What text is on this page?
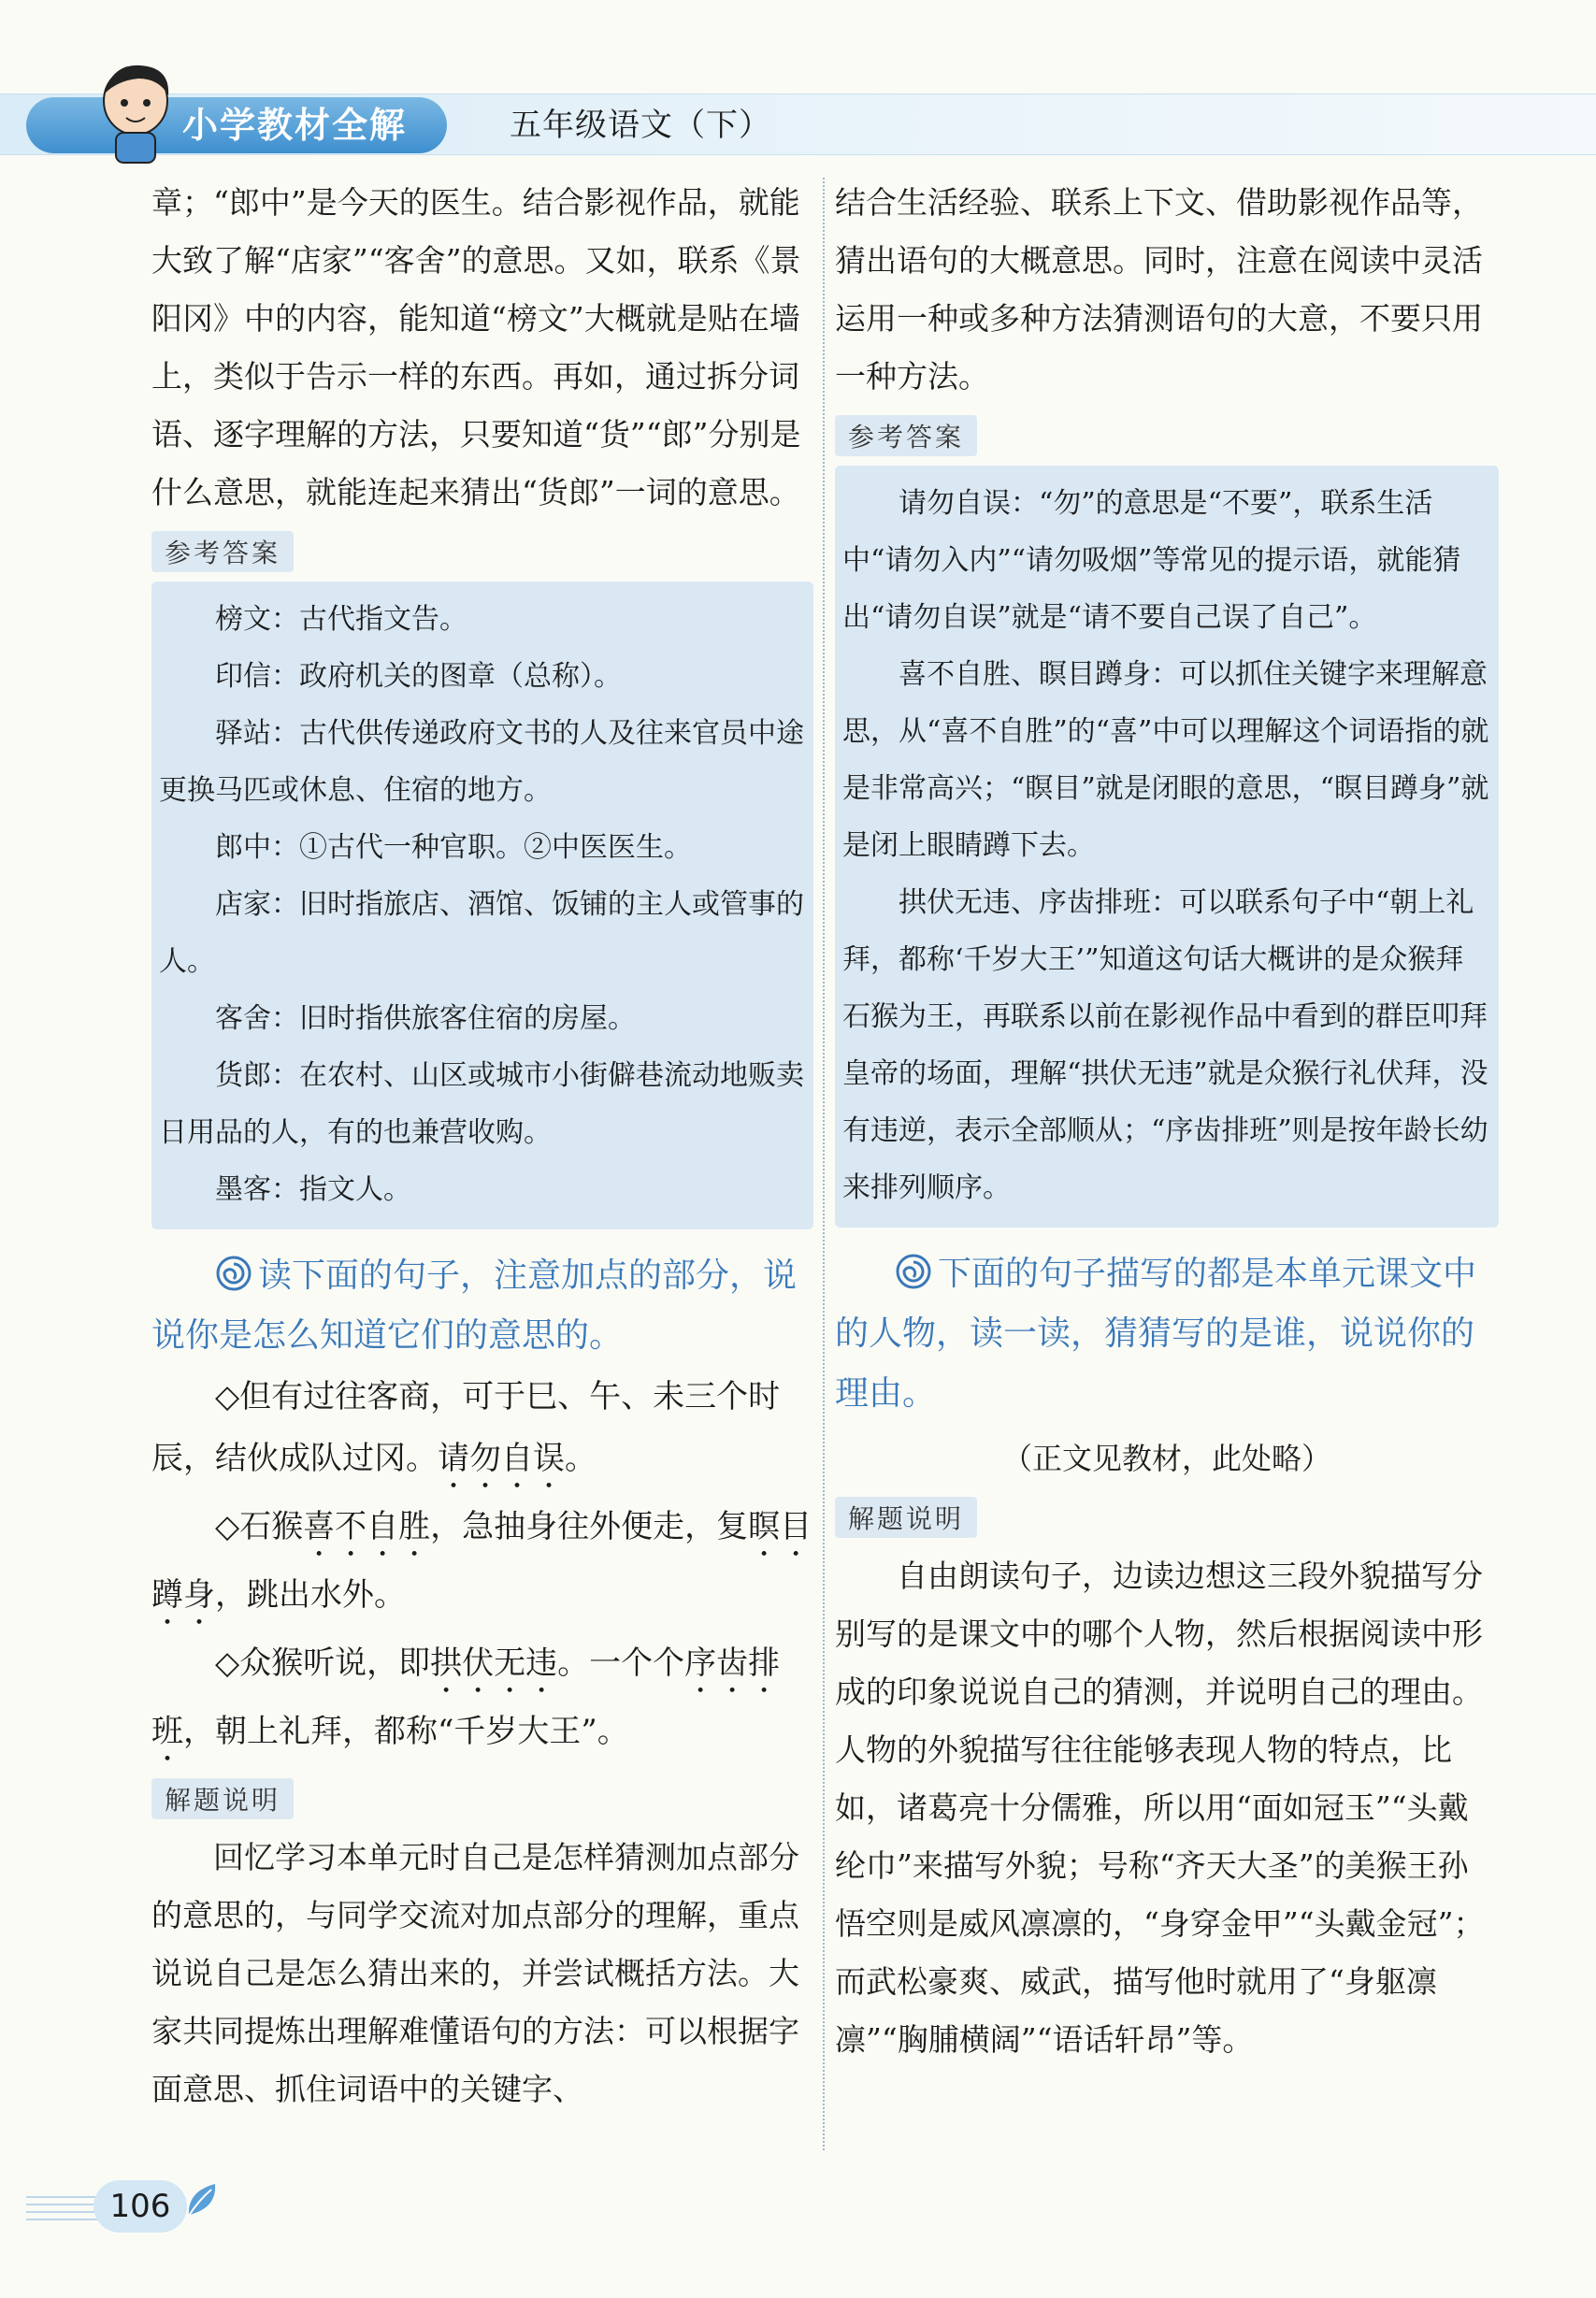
小学教材全解	五年级语文（下）

章；“郎中”是今天的医生。结合影视作品，就能大致了解“店家”“客舍”的意思。又如，联系《景阳冈》中的内容，能知道“榜文”大概就是贴在墙上，类似于告示一样的东西。再如，通过拆分词语、逐字理解的方法，只要知道“货”“郎”分别是什么意思，就能连起来猜出“货郎”一词的意思。

参考答案

榜文：古代指文告。

印信：政府机关的图章（总称）。

驿站：古代供传递政府文书的人及往来官员中途更换马匹或休息、住宿的地方。

郎中：①古代一种官职。②中医医生。

店家：旧时指旅店、酒馆、饭铺的主人或管事的人。

客舍：旧时指供旅客住宿的房屋。

货郎：在农村、山区或城市小街僻巷流动地贩卖日用品的人，有的也兼营收购。

墨客：指文人。

读下面的句子，注意加点的部分，说说你是怎么知道它们的意思的。

◇但有过往客商，可于巳、午、未三个时辰，结伙成队过冈。请勿自误。

◇石猴喜不自胜，急抽身往外便走，复瞑目蹲身，跳出水外。

◇众猴听说，即拱伏无违。一个个序齿排班，朝上礼拜，都称“千岁大王”。

解题说明

回忆学习本单元时自己是怎样猜测加点部分的意思的，与同学交流对加点部分的理解，重点说说自己是怎么猜出来的，并尝试概括方法。大家共同提炼出理解难懂语句的方法：可以根据字面意思、抓住词语中的关键字、

结合生活经验、联系上下文、借助影视作品等，猜出语句的大概意思。同时，注意在阅读中灵活运用一种或多种方法猜测语句的大意，不要只用一种方法。

参考答案

请勿自误：“勿”的意思是“不要”，联系生活中“请勿入内”“请勿吸烟”等常见的提示语，就能猜出“请勿自误”就是“请不要自己误了自己”。

喜不自胜、瞑目蹲身：可以抓住关键字来理解意思，从“喜不自胜”的“喜”中可以理解这个词语指的就是非常高兴；“瞑目”就是闭眼的意思，“瞑目蹲身”就是闭上眼睛蹲下去。

拱伏无违、序齿排班：可以联系句子中“朝上礼拜，都称‘千岁大王’”知道这句话大概讲的是众猴拜石猴为王，再联系以前在影视作品中看到的群臣叩拜皇帝的场面，理解“拱伏无违”就是众猴行礼伏拜，没有违逆，表示全部顺从；“序齿排班”则是按年龄长幼来排列顺序。

下面的句子描写的都是本单元课文中的人物，读一读，猜猜写的是谁，说说你的理由。

（正文见教材，此处略）

解题说明

自由朗读句子，边读边想这三段外貌描写分别写的是课文中的哪个人物，然后根据阅读中形成的印象说说自己的猜测，并说明自己的理由。人物的外貌描写往往能够表现人物的特点，比如，诸葛亮十分儒雅，所以用“面如冠玉”“头戴纶巾”来描写外貌；号称“齐天大圣”的美猴王孙悟空则是威风凛凛的，“身穿金甲”“头戴金冠”；而武松豪爽、威武，描写他时就用了“身躯凛凛”“胸脯横阔”“语话轩昂”等。

106
